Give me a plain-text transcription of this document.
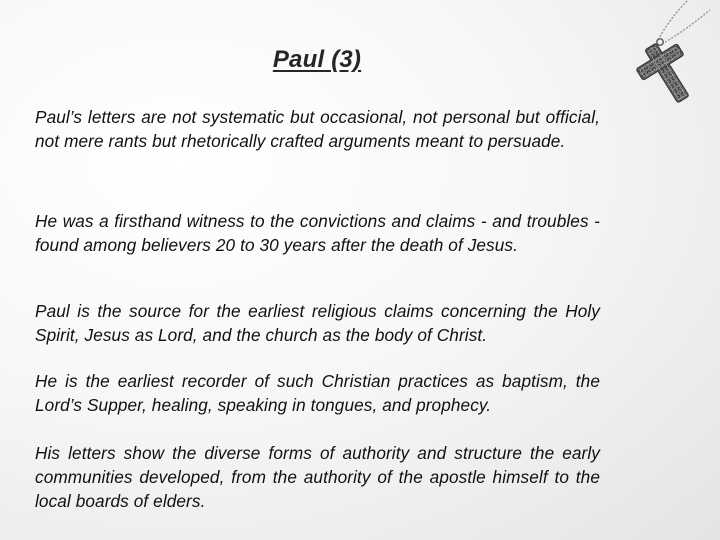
Paul (3)

Paul’s letters are not systematic but occasional, not personal but official, not mere rants but rhetorically crafted arguments meant to persuade.

He was a firsthand witness to the convictions and claims - and troubles - found among believers 20 to 30 years after the death of Jesus.

Paul is the source for the earliest religious claims concerning the Holy Spirit, Jesus as Lord, and the church as the body of Christ.

He is the earliest recorder of such Christian practices as baptism, the Lord’s Supper, healing, speaking in tongues, and prophecy.

His letters show the diverse forms of authority and structure the early communities developed, from the authority of the apostle himself to the local boards of elders.
